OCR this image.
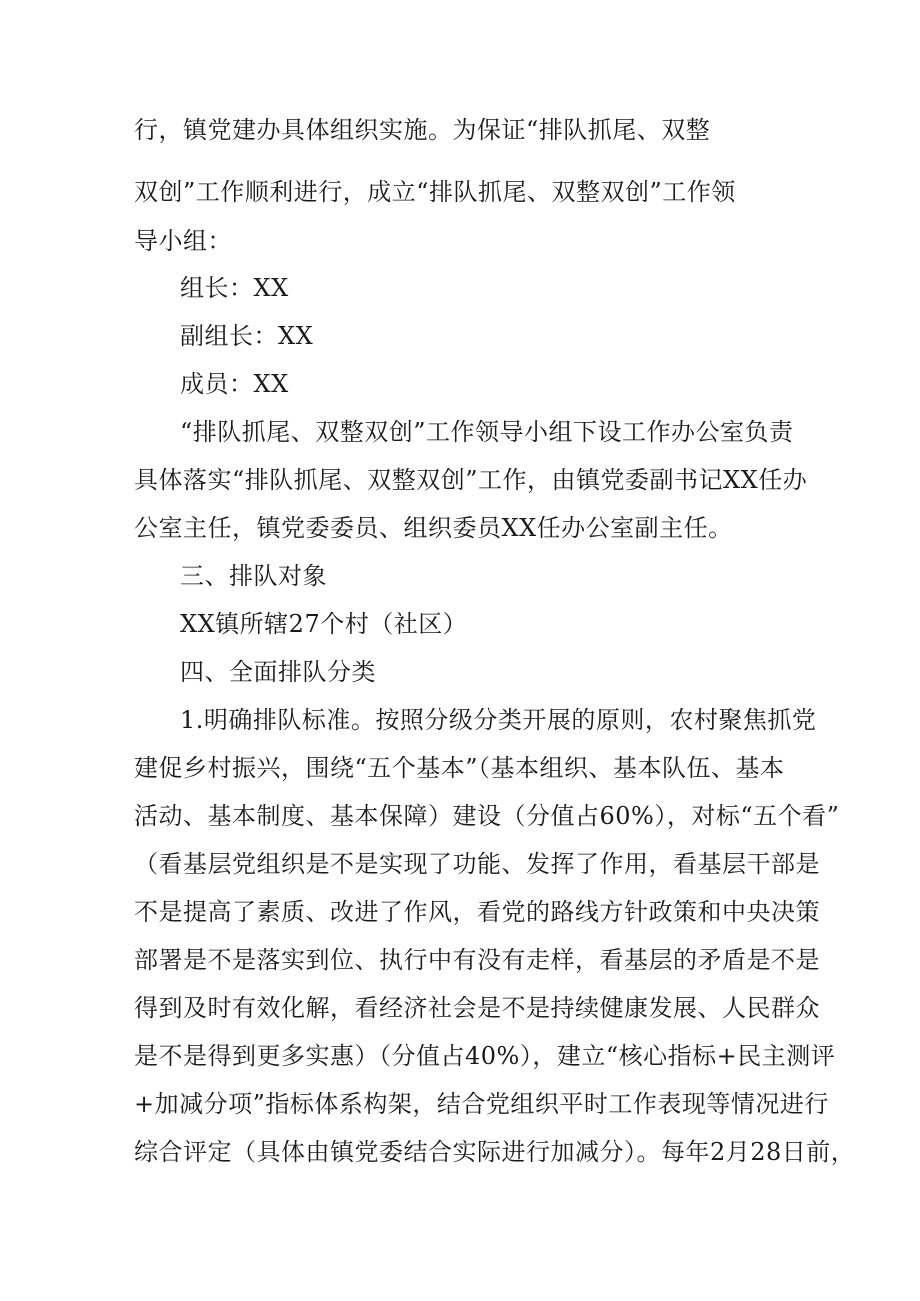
行，镇党建办具体组织实施。为保证“排队抓尾、双整
双创”工作顺利进行，成立“排队抓尾、双整双创”工作领
导小组：
组长：XX
副组长：XX
成员：XX
“排队抓尾、双整双创”工作领导小组下设工作办公室负责
具体落实“排队抓尾、双整双创”工作，由镇党委副书记XX任办
公室主任，镇党委委员、组织委员XX任办公室副主任。
三、排队对象
XX镇所辖27个村（社区）
四、全面排队分类
1.明确排队标准。按照分级分类开展的原则，农村聚焦抓党
建促乡村振兴，围绕“五个基本”（基本组织、基本队伍、基本
活动、基本制度、基本保障）建设（分值占60%），对标“五个看”
（看基层党组织是不是实现了功能、发挥了作用，看基层干部是
不是提高了素质、改进了作风，看党的路线方针政策和中央决策
部署是不是落实到位、执行中有没有走样，看基层的矛盾是不是
得到及时有效化解，看经济社会是不是持续健康发展、人民群众
是不是得到更多实惠）（分值占40%），建立“核心指标+民主测评
+加减分项”指标体系构架，结合党组织平时工作表现等情况进行
综合评定（具体由镇党委结合实际进行加减分）。每年2月28日前，
